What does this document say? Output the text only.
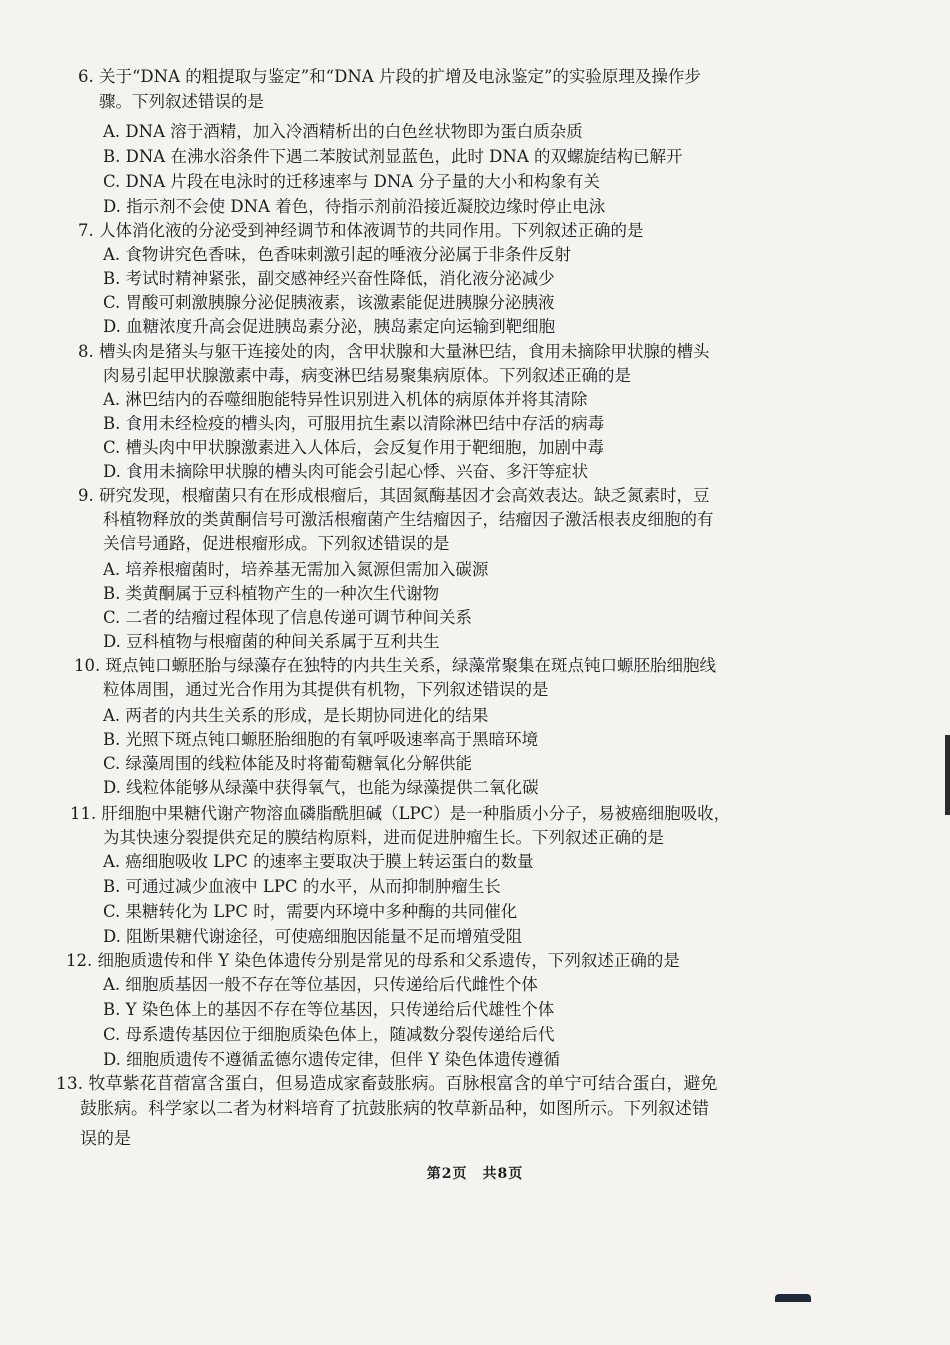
6. 关于“DNA 的粗提取与鉴定”和“DNA 片段的扩增及电泳鉴定”的实验原理及操作步
骤。下列叙述错误的是
A. DNA 溶于酒精，加入冷酒精析出的白色丝状物即为蛋白质杂质
B. DNA 在沸水浴条件下遇二苯胺试剂显蓝色，此时 DNA 的双螺旋结构已解开
C. DNA 片段在电泳时的迁移速率与 DNA 分子量的大小和构象有关
D. 指示剂不会使 DNA 着色，待指示剂前沿接近凝胶边缘时停止电泳
7. 人体消化液的分泌受到神经调节和体液调节的共同作用。下列叙述正确的是
A. 食物讲究色香味，色香味刺激引起的唾液分泌属于非条件反射
B. 考试时精神紧张，副交感神经兴奋性降低，消化液分泌减少
C. 胃酸可刺激胰腺分泌促胰液素，该激素能促进胰腺分泌胰液
D. 血糖浓度升高会促进胰岛素分泌，胰岛素定向运输到靶细胞
8. 槽头肉是猪头与躯干连接处的肉，含甲状腺和大量淋巴结，食用未摘除甲状腺的槽头
肉易引起甲状腺激素中毒，病变淋巴结易聚集病原体。下列叙述正确的是
A. 淋巴结内的吞噬细胞能特异性识别进入机体的病原体并将其清除
B. 食用未经检疫的槽头肉，可服用抗生素以清除淋巴结中存活的病毒
C. 槽头肉中甲状腺激素进入人体后，会反复作用于靶细胞，加剧中毒
D. 食用未摘除甲状腺的槽头肉可能会引起心悸、兴奋、多汗等症状
9. 研究发现，根瘤菌只有在形成根瘤后，其固氮酶基因才会高效表达。缺乏氮素时，豆
科植物释放的类黄酮信号可激活根瘤菌产生结瘤因子，结瘤因子激活根表皮细胞的有
关信号通路，促进根瘤形成。下列叙述错误的是
A. 培养根瘤菌时，培养基无需加入氮源但需加入碳源
B. 类黄酮属于豆科植物产生的一种次生代谢物
C. 二者的结瘤过程体现了信息传递可调节种间关系
D. 豆科植物与根瘤菌的种间关系属于互利共生
10. 斑点钝口螈胚胎与绿藻存在独特的内共生关系，绿藻常聚集在斑点钝口螈胚胎细胞线
粒体周围，通过光合作用为其提供有机物，下列叙述错误的是
A. 两者的内共生关系的形成，是长期协同进化的结果
B. 光照下斑点钝口螈胚胎细胞的有氧呼吸速率高于黑暗环境
C. 绿藻周围的线粒体能及时将葡萄糖氧化分解供能
D. 线粒体能够从绿藻中获得氧气，也能为绿藻提供二氧化碳
11. 肝细胞中果糖代谢产物溶血磷脂酰胆碱（LPC）是一种脂质小分子，易被癌细胞吸收，
为其快速分裂提供充足的膜结构原料，进而促进肿瘤生长。下列叙述正确的是
A. 癌细胞吸收 LPC 的速率主要取决于膜上转运蛋白的数量
B. 可通过减少血液中 LPC 的水平，从而抑制肿瘤生长
C. 果糖转化为 LPC 时，需要内环境中多种酶的共同催化
D. 阻断果糖代谢途径，可使癌细胞因能量不足而增殖受阻
12. 细胞质遗传和伴 Y 染色体遗传分别是常见的母系和父系遗传，下列叙述正确的是
A. 细胞质基因一般不存在等位基因，只传递给后代雌性个体
B. Y 染色体上的基因不存在等位基因，只传递给后代雄性个体
C. 母系遗传基因位于细胞质染色体上，随减数分裂传递给后代
D. 细胞质遗传不遵循孟德尔遗传定律，但伴 Y 染色体遗传遵循
13. 牧草紫花苜蓿富含蛋白，但易造成家畜鼓胀病。百脉根富含的单宁可结合蛋白，避免
鼓胀病。科学家以二者为材料培育了抗鼓胀病的牧草新品种，如图所示。下列叙述错
误的是
第2页　共8页
